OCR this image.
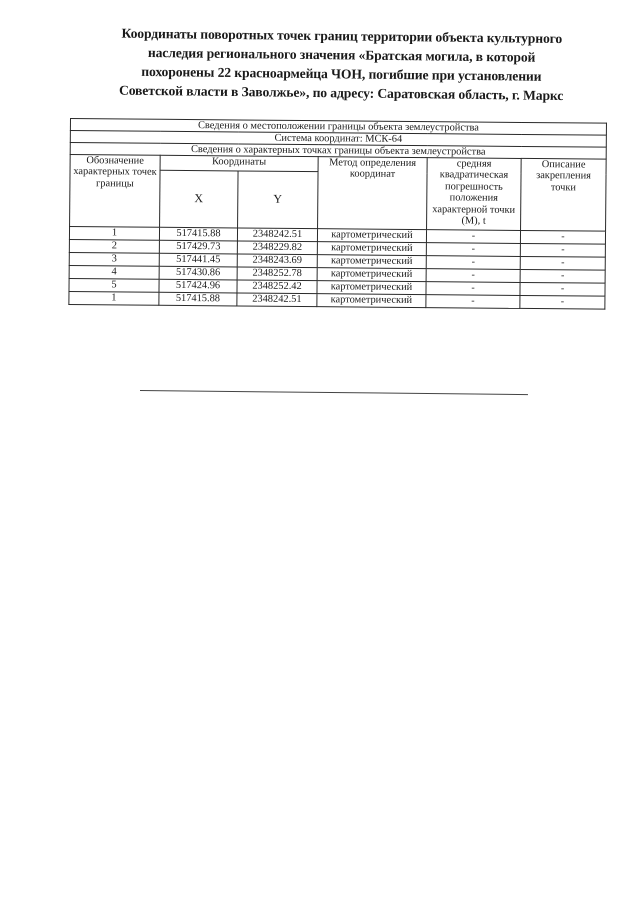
Координаты поворотных точек границ территории объекта культурного
наследия регионального значения «Братская могила, в которой
похоронены 22 красноармейца ЧОН, погибшие при установлении
Советской власти в Заволжье», по адресу: Саратовская область, г. Маркс
Сведения о местоположении границы объекта землеустройства					
Система координат: МСК-64					
Сведения о характерных точках границы объекта землеустройства					
Обозначение характерных точек границы	Координаты		Метод определения координат	средняя квадратическая погрешность положения характерной точки (М), t	Описание закрепления точки
	X	Y			
1	517415.88	2348242.51	картометрический	-	-
2	517429.73	2348229.82	картометрический	-	-
3	517441.45	2348243.69	картометрический	-	-
4	517430.86	2348252.78	картометрический	-	-
5	517424.96	2348252.42	картометрический	-	-
1	517415.88	2348242.51	картометрический	-	-
